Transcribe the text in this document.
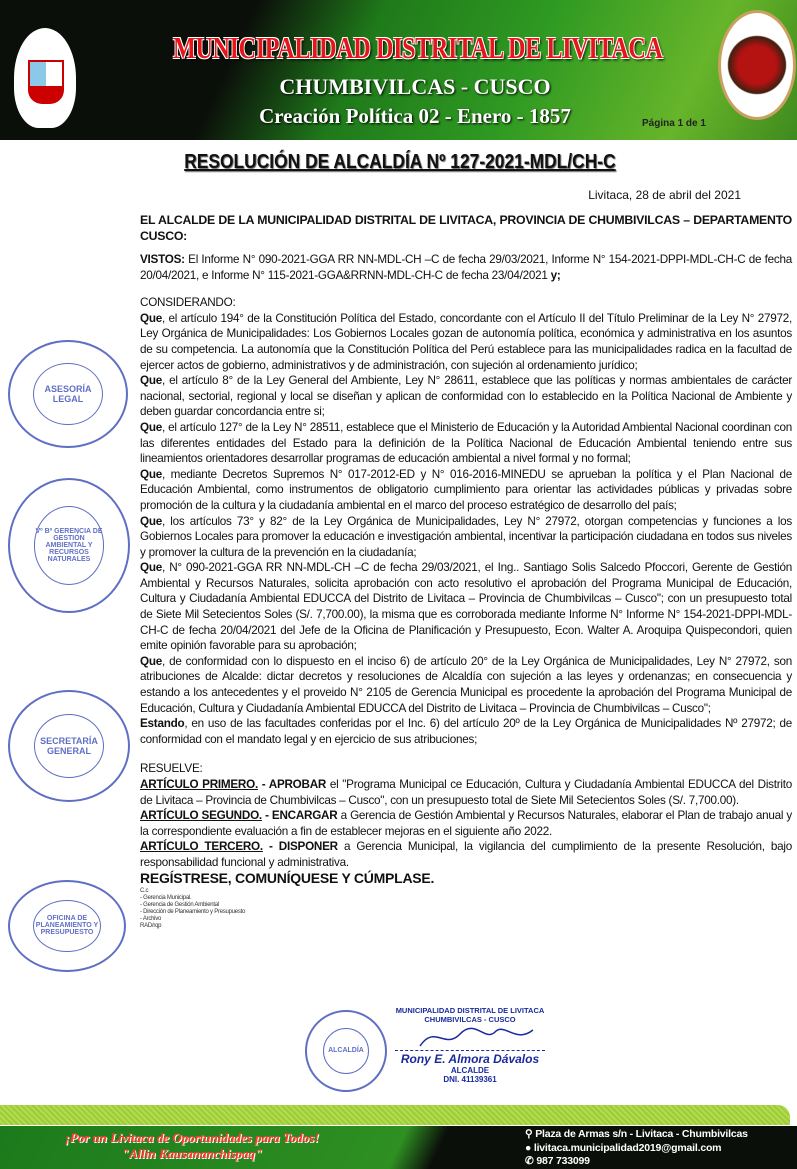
MUNICIPALIDAD DISTRITAL DE LIVITACA
CHUMBIVILCAS - CUSCO
Creación Política 02 - Enero - 1857	Página 1 de 1
RESOLUCIÓN DE ALCALDÍA Nº 127-2021-MDL/CH-C
Livitaca, 28 de abril del 2021

EL ALCALDE DE LA MUNICIPALIDAD DISTRITAL DE LIVITACA, PROVINCIA DE CHUMBIVILCAS – DEPARTAMENTO CUSCO:

VISTOS: El Informe N° 090-2021-GGA RR NN-MDL-CH –C de fecha 29/03/2021, Informe N° 154-2021-DPPI-MDL-CH-C de fecha 20/04/2021, e Informe N° 115-2021-GGA&RRNN-MDL-CH-C de fecha 23/04/2021 y;

CONSIDERANDO:

Que, el artículo 194° de la Constitución Política del Estado, concordante con el Artículo II del Título Preliminar de la Ley N° 27972, Ley Orgánica de Municipalidades: Los Gobiernos Locales gozan de autonomía política, económica y administrativa en los asuntos de su competencia. La autonomía que la Constitución Política del Perú establece para las municipalidades radica en la facultad de ejercer actos de gobierno, administrativos y de administración, con sujeción al ordenamiento jurídico;

Que, el artículo 8° de la Ley General del Ambiente, Ley N° 28611, establece que las políticas y normas ambientales de carácter nacional, sectorial, regional y local se diseñan y aplican de conformidad con lo establecido en la Política Nacional de Ambiente y deben guardar concordancia entre si;

Que, el artículo 127° de la Ley N° 28511, establece que el Ministerio de Educación y la Autoridad Ambiental Nacional coordinan con las diferentes entidades del Estado para la definición de la Política Nacional de Educación Ambiental teniendo entre sus lineamientos orientadores desarrollar programas de educación ambiental a nivel formal y no formal;

Que, mediante Decretos Supremos N° 017-2012-ED y N° 016-2016-MINEDU se aprueban la política y el Plan Nacional de Educación Ambiental, como instrumentos de obligatorio cumplimiento para orientar las actividades públicas y privadas sobre promoción de la cultura y la ciudadanía ambiental en el marco del proceso estratégico de desarrollo del país;

Que, los artículos 73° y 82° de la Ley Orgánica de Municipalidades, Ley N° 27972, otorgan competencias y funciones a los Gobiernos Locales para promover la educación e investigación ambiental, incentivar la participación ciudadana en todos sus niveles y promover la cultura de la prevención en la ciudadanía;

Que, N° 090-2021-GGA RR NN-MDL-CH –C de fecha 29/03/2021, el Ing.. Santiago Solis Salcedo Pfoccori, Gerente de Gestión Ambiental y Recursos Naturales, solicita aprobación con acto resolutivo el aprobación del Programa Municipal de Educación, Cultura y Ciudadanía Ambiental EDUCCA del Distrito de Livitaca – Provincia de Chumbivilcas – Cusco"; con un presupuesto total de Siete Mil Setecientos Soles (S/. 7,700.00), la misma que es corroborada mediante Informe N° Informe N° 154-2021-DPPI-MDL-CH-C de fecha 20/04/2021 del Jefe de la Oficina de Planificación y Presupuesto, Econ. Walter A. Aroquipa Quispecondori, quien emite opinión favorable para su aprobación;

Que, de conformidad con lo dispuesto en el inciso 6) de artículo 20° de la Ley Orgánica de Municipalidades, Ley N° 27972, son atribuciones de Alcalde: dictar decretos y resoluciones de Alcaldía con sujeción a las leyes y ordenanzas; en consecuencia y estando a los antecedentes y el proveido N° 2105 de Gerencia Municipal es procedente la aprobación del Programa Municipal de Educación, Cultura y Ciudadanía Ambiental EDUCCA del Distrito de Livitaca – Provincia de Chumbivilcas – Cusco";

Estando, en uso de las facultades conferidas por el Inc. 6) del artículo 20º de la Ley Orgánica de Municipalidades Nº 27972; de conformidad con el mandato legal y en ejercicio de sus atribuciones;

RESUELVE:

ARTÍCULO PRIMERO. - APROBAR el "Programa Municipal ce Educación, Cultura y Ciudadanía Ambiental EDUCCA del Distrito de Livitaca – Provincia de Chumbivilcas – Cusco", con un presupuesto total de Siete Mil Setecientos Soles (S/. 7,700.00).

ARTÍCULO SEGUNDO. - ENCARGAR a Gerencia de Gestión Ambiental y Recursos Naturales, elaborar el Plan de trabajo anual y la correspondiente evaluación a fin de establecer mejoras en el siguiente año 2022.

ARTÍCULO TERCERO. - DISPONER a Gerencia Municipal, la vigilancia del cumplimiento de la presente Resolución, bajo responsabilidad funcional y administrativa.

REGÍSTRESE, COMUNÍQUESE Y CÚMPLASE.

C.c
- Gerencia Municipal.
- Gerencia de Gestión Ambiental
- Dirección de Planeamiento y Presupuesto
- Archivo
RAD/rqp
ASESORÍA LEGAL
Vº Bº GERENCIA DE GESTIÓN AMBIENTAL Y RECURSOS NATURALES
SECRETARÍA GENERAL
OFICINA DE PLANEAMIENTO Y PRESUPUESTO
ALCALDÍA
MUNICIPALIDAD DISTRITAL DE LIVITACA
CHUMBIVILCAS - CUSCO
Rony E. Almora Dávalos
ALCALDE
DNI. 41139361
¡Por un Livitaca de Oportunidades para Todos!
"Allin Kausananchispaq"
⚲ Plaza de Armas s/n - Livitaca - Chumbivilcas
● livitaca.municipalidad2019@gmail.com
✆ 987 733099
